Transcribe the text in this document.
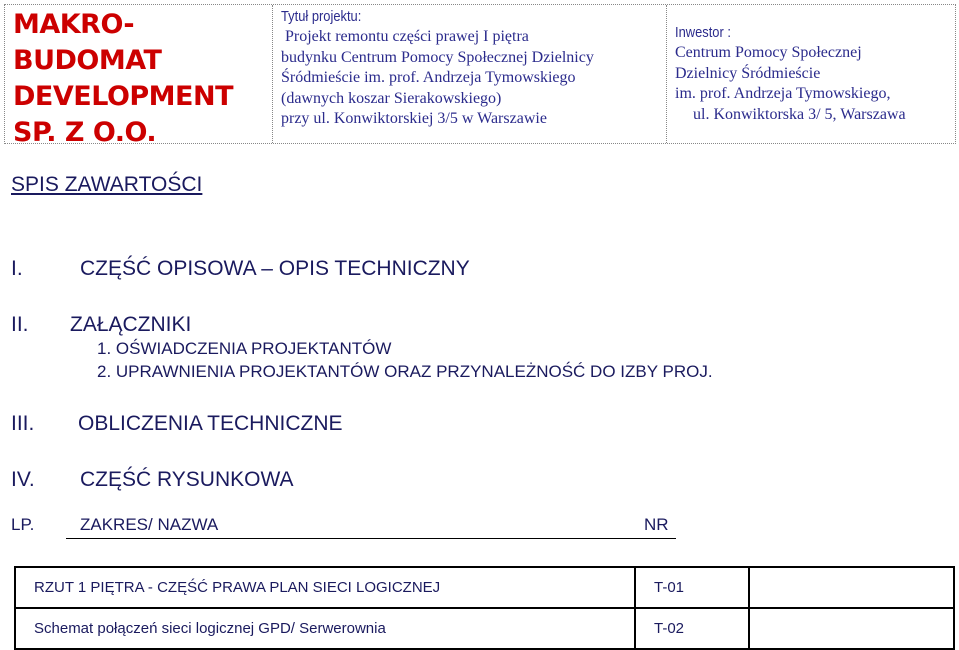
MAKRO-BUDOMAT DEVELOPMENT SP. Z O.O.
Tytuł projektu:
Projekt remontu części prawej I piętra
budynku Centrum Pomocy Społecznej Dzielnicy
Śródmieście im. prof. Andrzeja Tymowskiego
(dawnych koszar Sierakowskiego)
przy ul. Konwiktorskiej 3/5 w Warszawie
Inwestor :
Centrum Pomocy Społecznej
Dzielnicy Śródmieście
im. prof. Andrzeja Tymowskiego,
ul. Konwiktorska 3/ 5, Warszawa
SPIS ZAWARTOŚCI
I.	CZĘŚĆ OPISOWA – OPIS TECHNICZNY
II. ZAŁĄCZNIKI
1. OŚWIADCZENIA PROJEKTANTÓW
2. UPRAWNIENIA PROJEKTANTÓW ORAZ PRZYNALEŻNOŚĆ DO IZBY PROJ.
III. OBLICZENIA TECHNICZNE
IV. CZĘŚĆ RYSUNKOWA
LP.	ZAKRES/ NAZWA	NR
RZUT 1 PIĘTRA - CZĘŚĆ PRAWA PLAN SIECI LOGICZNEJ	T-01	
Schemat połączeń sieci logicznej GPD/ Serwerownia	T-02	
